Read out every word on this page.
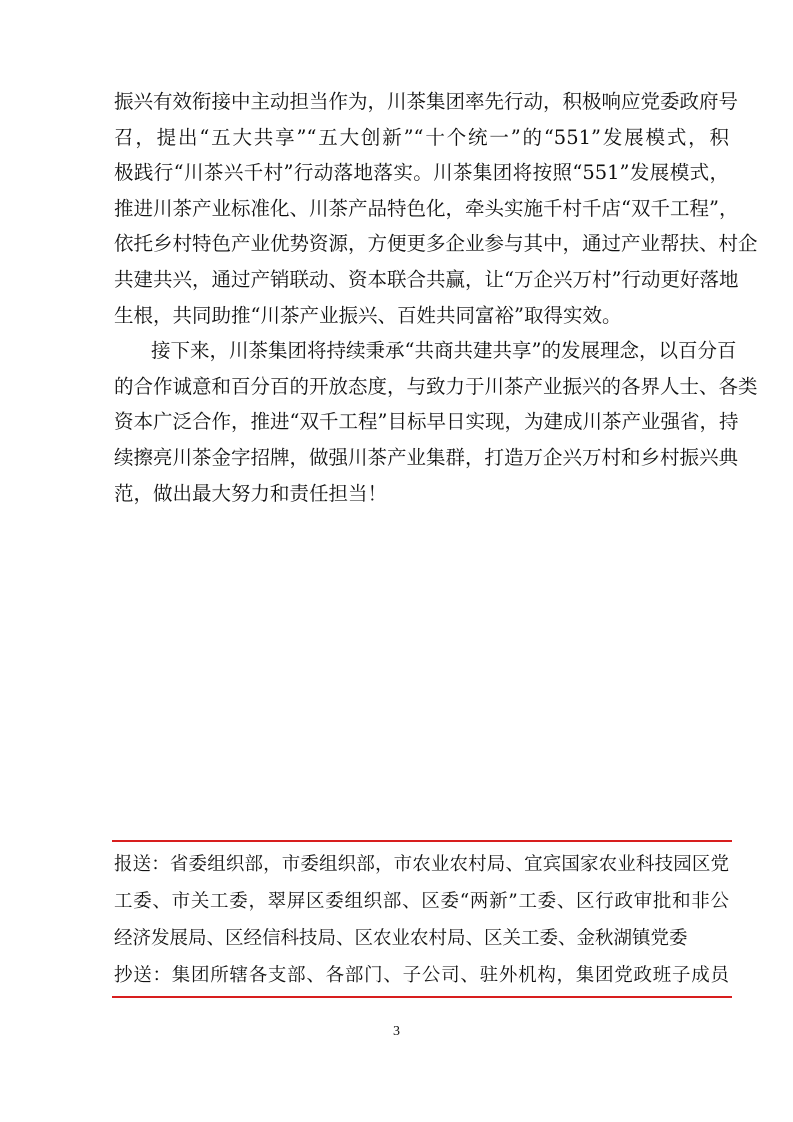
振兴有效衔接中主动担当作为，川茶集团率先行动，积极响应党委政府号
召，提出“五大共享”“五大创新”“十个统一”的“551”发展模式，积
极践行“川茶兴千村”行动落地落实。川茶集团将按照“551”发展模式，
推进川茶产业标准化、川茶产品特色化，牵头实施千村千店“双千工程”，
依托乡村特色产业优势资源，方便更多企业参与其中，通过产业帮扶、村企
共建共兴，通过产销联动、资本联合共赢，让“万企兴万村”行动更好落地
生根，共同助推“川茶产业振兴、百姓共同富裕”取得实效。
接下来，川茶集团将持续秉承“共商共建共享”的发展理念，以百分百
的合作诚意和百分百的开放态度，与致力于川茶产业振兴的各界人士、各类
资本广泛合作，推进“双千工程”目标早日实现，为建成川茶产业强省，持
续擦亮川茶金字招牌，做强川茶产业集群，打造万企兴万村和乡村振兴典
范，做出最大努力和责任担当！
报送：省委组织部，市委组织部，市农业农村局、宜宾国家农业科技园区党
工委、市关工委，翠屏区委组织部、区委“两新”工委、区行政审批和非公
经济发展局、区经信科技局、区农业农村局、区关工委、金秋湖镇党委
抄送：集团所辖各支部、各部门、子公司、驻外机构，集团党政班子成员
3
